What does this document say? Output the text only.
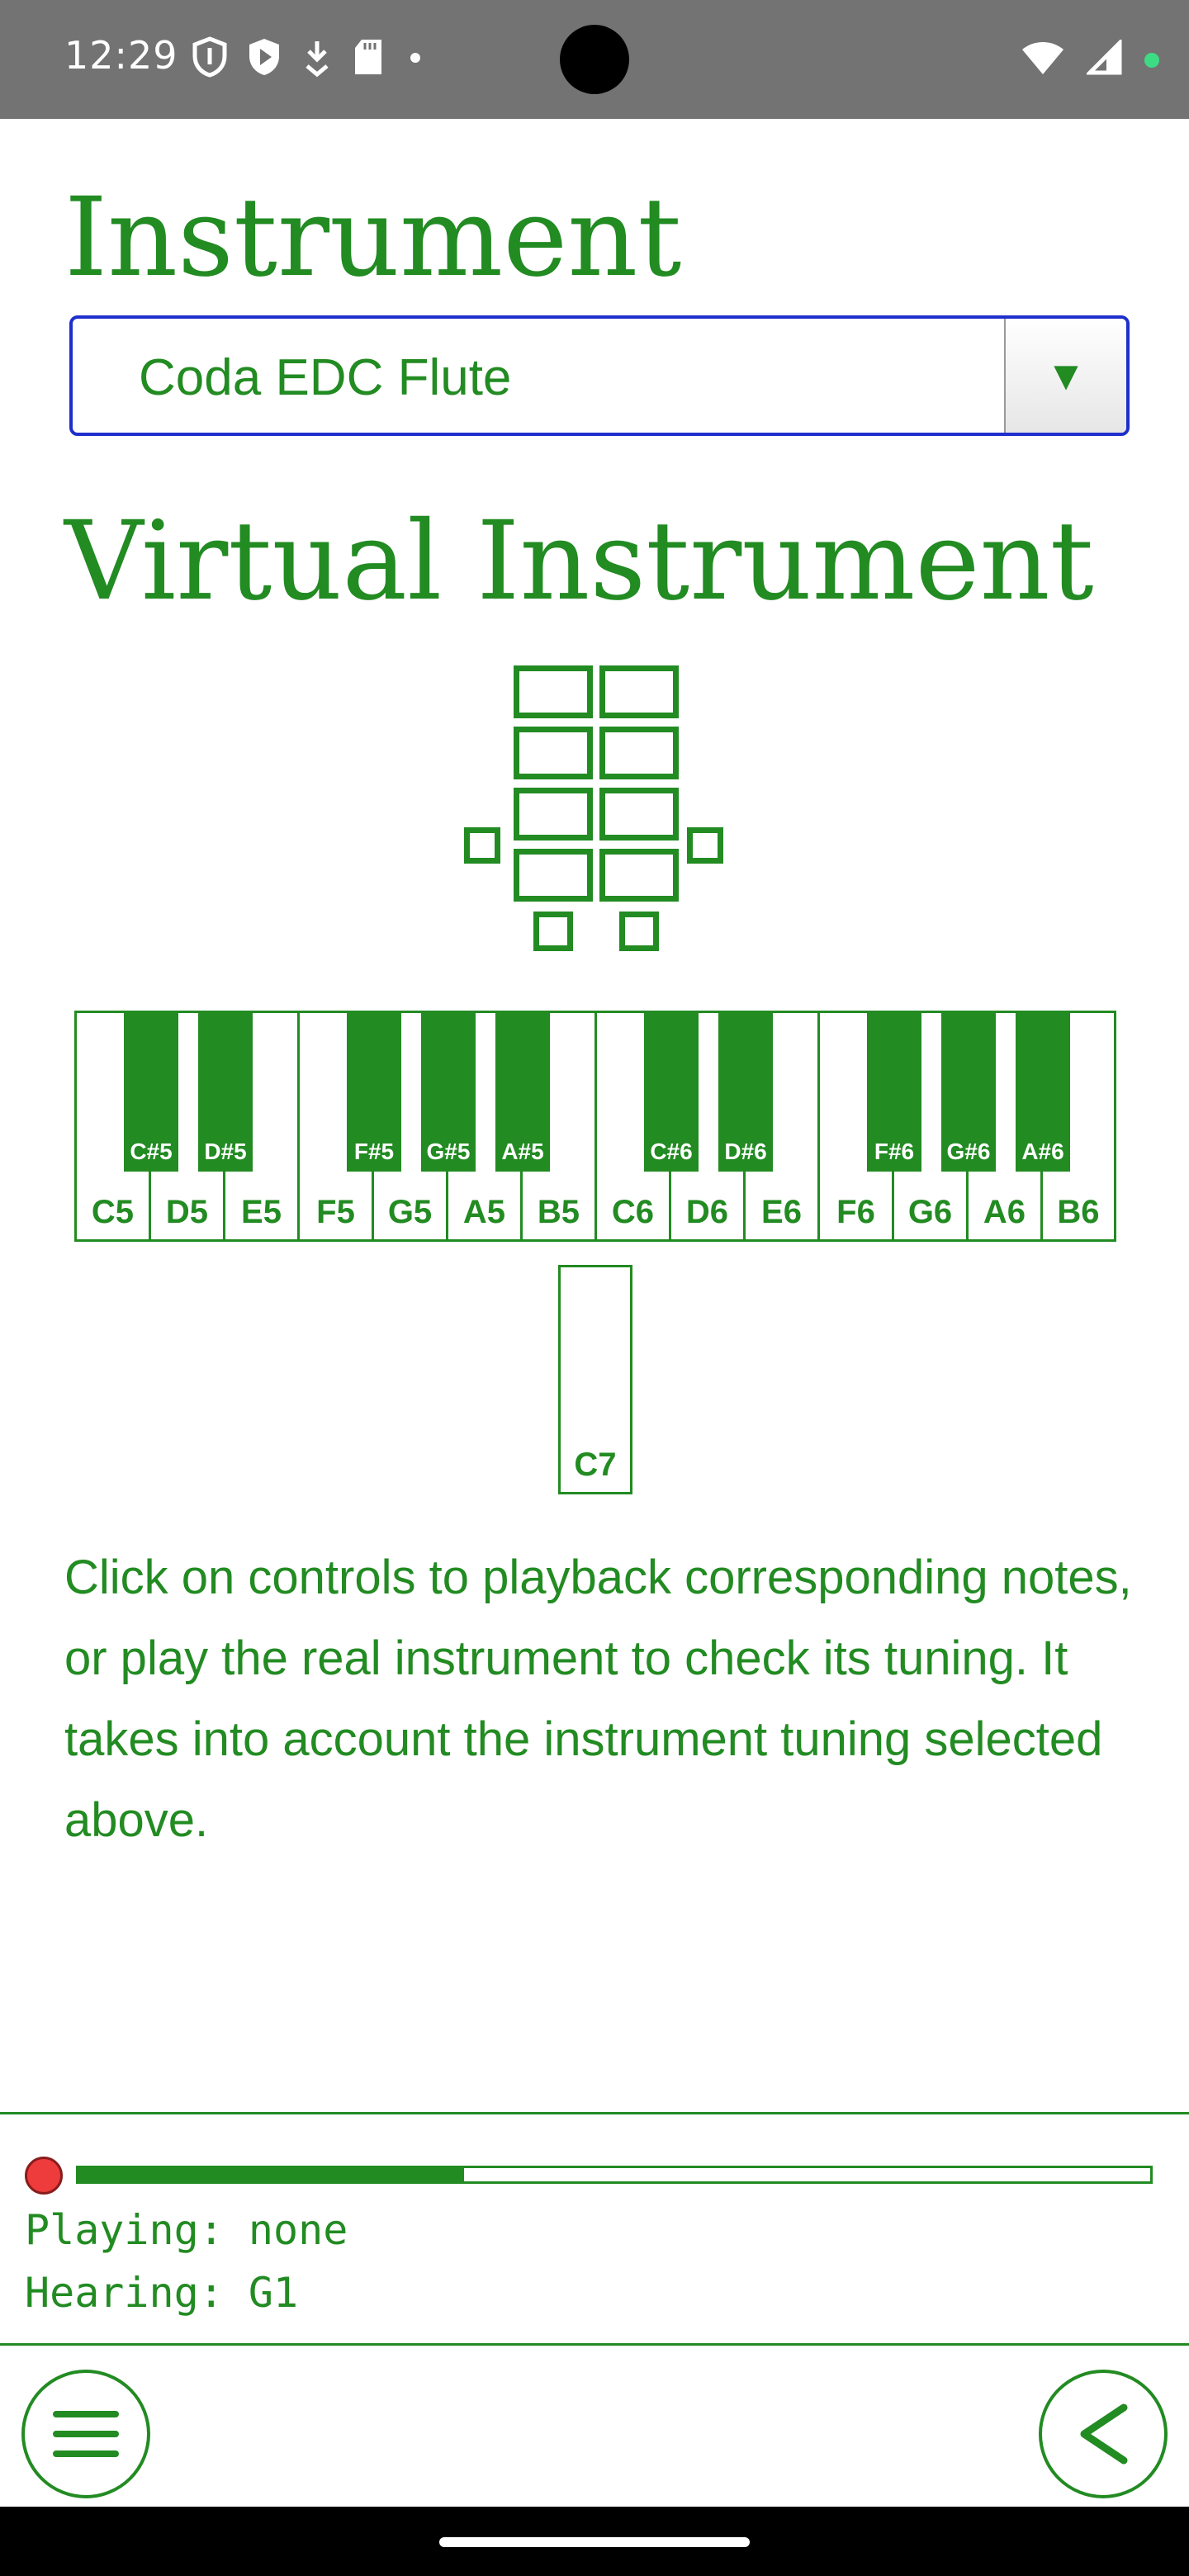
12:29
Instrument
Coda EDC Flute	▼
Virtual Instrument
C5 D5 E5	F5 G5 A5 B5 C6 D6 E6	F6 G6 A6 B6
C#5 D#5	F#5	G#5 A#5	C#6 D#6	F#6	G#6 A#6
C7

Click on controls to playback corresponding notes, or play the real instrument to check its tuning. It takes into account the instrument tuning selected above.

Playing: none

Hearing: G1
